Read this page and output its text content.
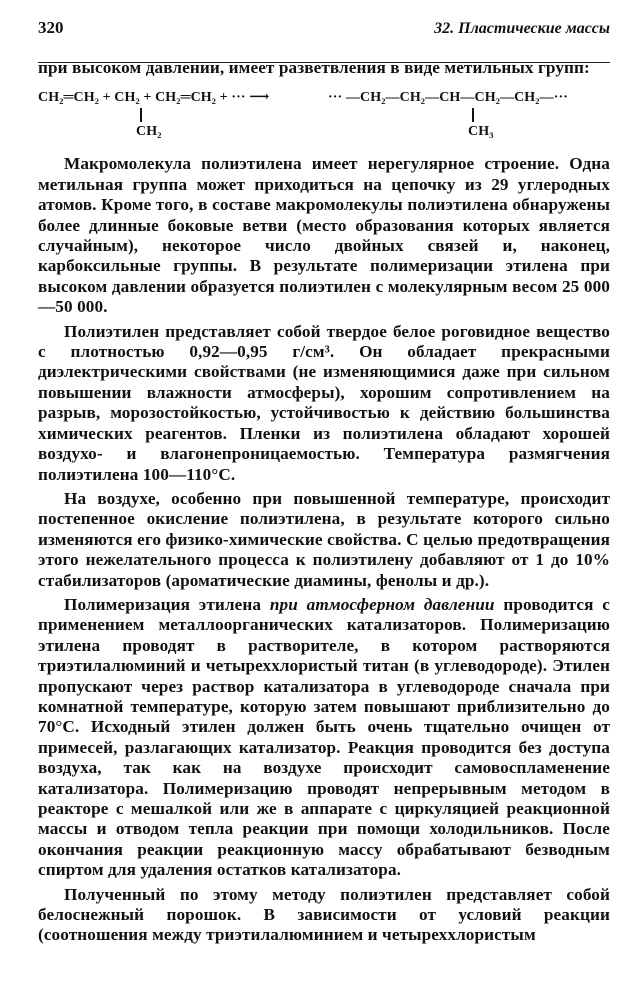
320	32. Пластические массы

при высоком давлении, имеет разветвления в виде метильных групп:

CH₂═CH₂ + CH₂ + CH₂═CH₂ + ··· ⟶
CH₂
··· —CH₂—CH₂—CH—CH₂—CH₂—···
CH₃

Макромолекула полиэтилена имеет нерегулярное строение. Одна метильная группа может приходиться на цепочку из 29 углеродных атомов. Кроме того, в составе макромолекулы полиэтилена обнаружены более длинные боковые ветви (место образования которых является случайным), некоторое число двойных связей и, наконец, карбоксильные группы. В результате полимеризации этилена при высоком давлении образуется полиэтилен с молекулярным весом 25 000—50 000.

Полиэтилен представляет собой твердое белое роговидное вещество с плотностью 0,92—0,95 г/см³. Он обладает прекрасными диэлектрическими свойствами (не изменяющимися даже при сильном повышении влажности атмосферы), хорошим сопротивлением на разрыв, морозостойкостью, устойчивостью к действию большинства химических реагентов. Пленки из полиэтилена обладают хорошей воздухо- и влагонепроницаемостью. Температура размягчения полиэтилена 100—110°С.

На воздухе, особенно при повышенной температуре, происходит постепенное окисление полиэтилена, в результате которого сильно изменяются его физико-химические свойства. С целью предотвращения этого нежелательного процесса к полиэтилену добавляют от 1 до 10% стабилизаторов (ароматические диамины, фенолы и др.).

Полимеризация этилена при атмосферном давлении проводится с применением металлоорганических катализаторов. Полимеризацию этилена проводят в растворителе, в котором растворяются триэтилалюминий и четыреххлористый титан (в углеводороде). Этилен пропускают через раствор катализатора в углеводороде сначала при комнатной температуре, которую затем повышают приблизительно до 70°С. Исходный этилен должен быть очень тщательно очищен от примесей, разлагающих катализатор. Реакция проводится без доступа воздуха, так как на воздухе происходит самовоспламенение катализатора. Полимеризацию проводят непрерывным методом в реакторе с мешалкой или же в аппарате с циркуляцией реакционной массы и отводом тепла реакции при помощи холодильников. После окончания реакции реакционную массу обрабатывают безводным спиртом для удаления остатков катализатора.

Полученный по этому методу полиэтилен представляет собой белоснежный порошок. В зависимости от условий реакции (соотношения между триэтилалюминием и четыреххлористым
